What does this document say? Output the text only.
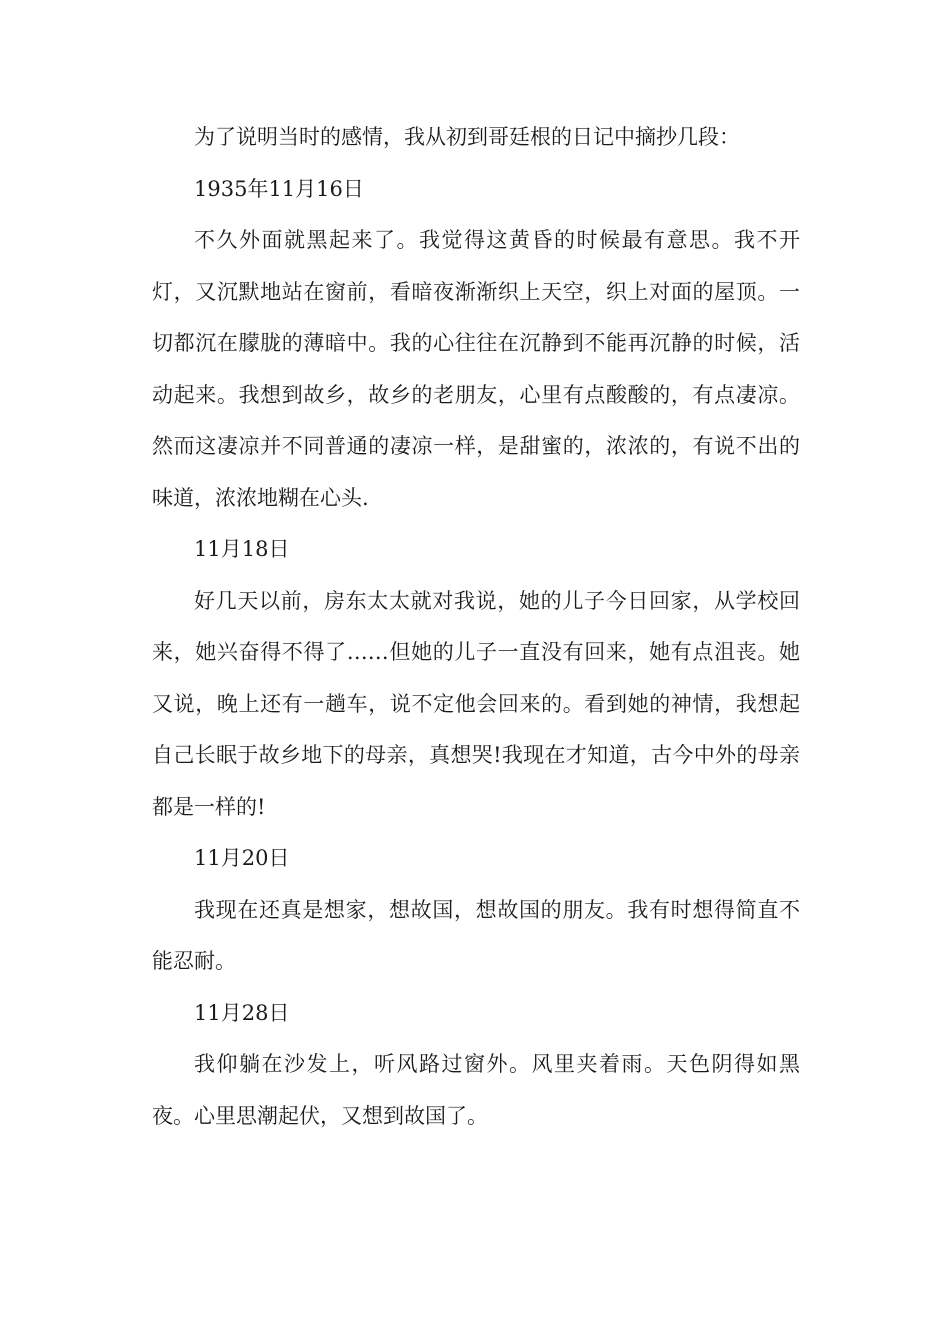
为了说明当时的感情，我从初到哥廷根的日记中摘抄几段：

1935年11月16日

不久外面就黑起来了。我觉得这黄昏的时候最有意思。我不开灯，又沉默地站在窗前，看暗夜渐渐织上天空，织上对面的屋顶。一切都沉在朦胧的薄暗中。我的心往往在沉静到不能再沉静的时候，活动起来。我想到故乡，故乡的老朋友，心里有点酸酸的，有点凄凉。然而这凄凉并不同普通的凄凉一样，是甜蜜的，浓浓的，有说不出的味道，浓浓地糊在心头.

11月18日

好几天以前，房东太太就对我说，她的儿子今日回家，从学校回来，她兴奋得不得了……但她的儿子一直没有回来，她有点沮丧。她又说，晚上还有一趟车，说不定他会回来的。看到她的神情，我想起自己长眠于故乡地下的母亲，真想哭!我现在才知道，古今中外的母亲都是一样的!

11月20日

我现在还真是想家，想故国，想故国的朋友。我有时想得简直不能忍耐。

11月28日

我仰躺在沙发上，听风路过窗外。风里夹着雨。天色阴得如黑夜。心里思潮起伏，又想到故国了。
